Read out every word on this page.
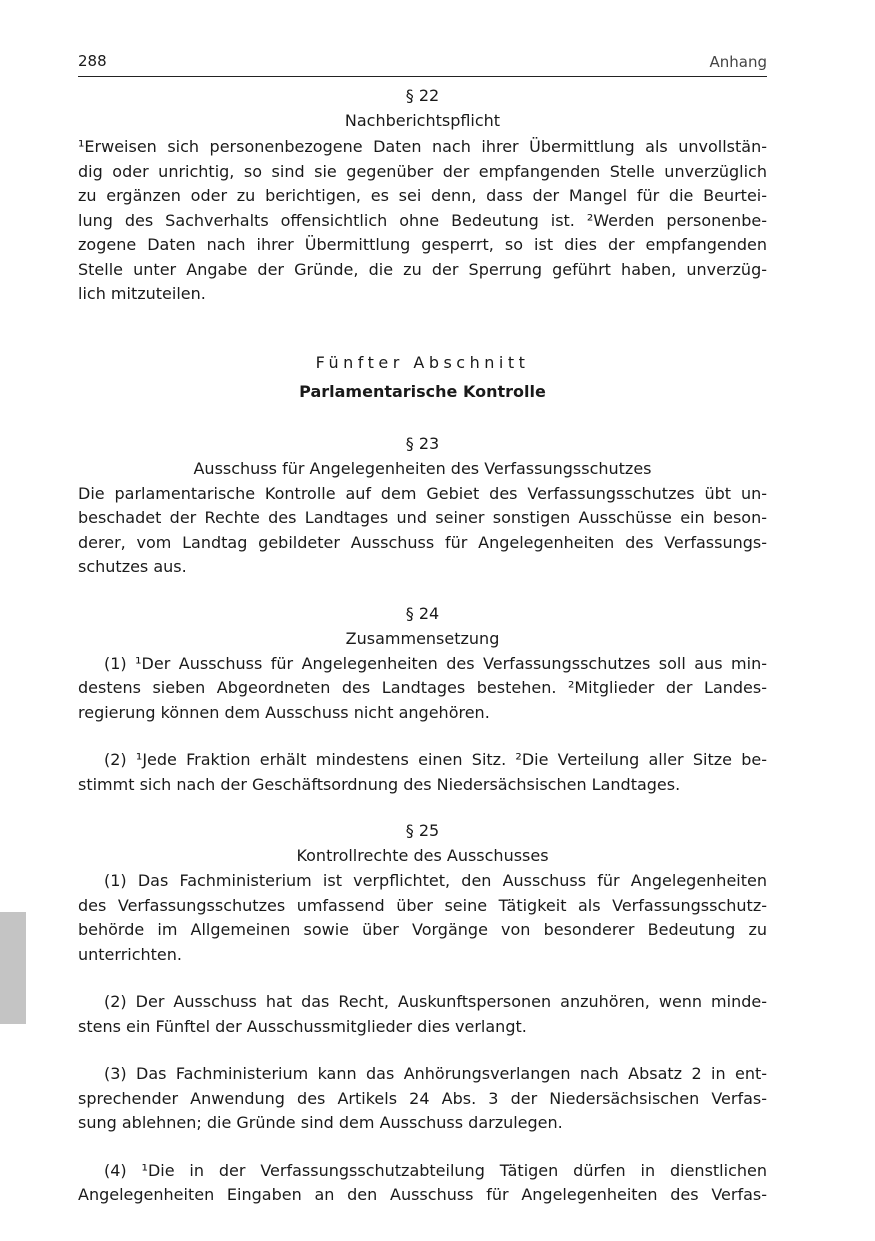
288	Anhang
§ 22
Nachberichtspflicht
¹Erweisen sich personenbezogene Daten nach ihrer Übermittlung als unvollstän-
dig oder unrichtig, so sind sie gegenüber der empfangenden Stelle unverzüglich
zu ergänzen oder zu berichtigen, es sei denn, dass der Mangel für die Beurtei-
lung des Sachverhalts offensichtlich ohne Bedeutung ist. ²Werden personenbe-
zogene Daten nach ihrer Übermittlung gesperrt, so ist dies der empfangenden
Stelle unter Angabe der Gründe, die zu der Sperrung geführt haben, unverzüg-
lich mitzuteilen.
Fünfter Abschnitt
Parlamentarische Kontrolle
§ 23
Ausschuss für Angelegenheiten des Verfassungsschutzes
Die parlamentarische Kontrolle auf dem Gebiet des Verfassungsschutzes übt un-
beschadet der Rechte des Landtages und seiner sonstigen Ausschüsse ein beson-
derer, vom Landtag gebildeter Ausschuss für Angelegenheiten des Verfassungs-
schutzes aus.
§ 24
Zusammensetzung
(1) ¹Der Ausschuss für Angelegenheiten des Verfassungsschutzes soll aus min-
destens sieben Abgeordneten des Landtages bestehen. ²Mitglieder der Landes-
regierung können dem Ausschuss nicht angehören.
(2) ¹Jede Fraktion erhält mindestens einen Sitz. ²Die Verteilung aller Sitze be-
stimmt sich nach der Geschäftsordnung des Niedersächsischen Landtages.
§ 25
Kontrollrechte des Ausschusses
(1) Das Fachministerium ist verpflichtet, den Ausschuss für Angelegenheiten
des Verfassungsschutzes umfassend über seine Tätigkeit als Verfassungsschutz-
behörde im Allgemeinen sowie über Vorgänge von besonderer Bedeutung zu
unterrichten.
(2) Der Ausschuss hat das Recht, Auskunftspersonen anzuhören, wenn minde-
stens ein Fünftel der Ausschussmitglieder dies verlangt.
(3) Das Fachministerium kann das Anhörungsverlangen nach Absatz 2 in ent-
sprechender Anwendung des Artikels 24 Abs. 3 der Niedersächsischen Verfas-
sung ablehnen; die Gründe sind dem Ausschuss darzulegen.
(4) ¹Die in der Verfassungsschutzabteilung Tätigen dürfen in dienstlichen
Angelegenheiten Eingaben an den Ausschuss für Angelegenheiten des Verfas-
